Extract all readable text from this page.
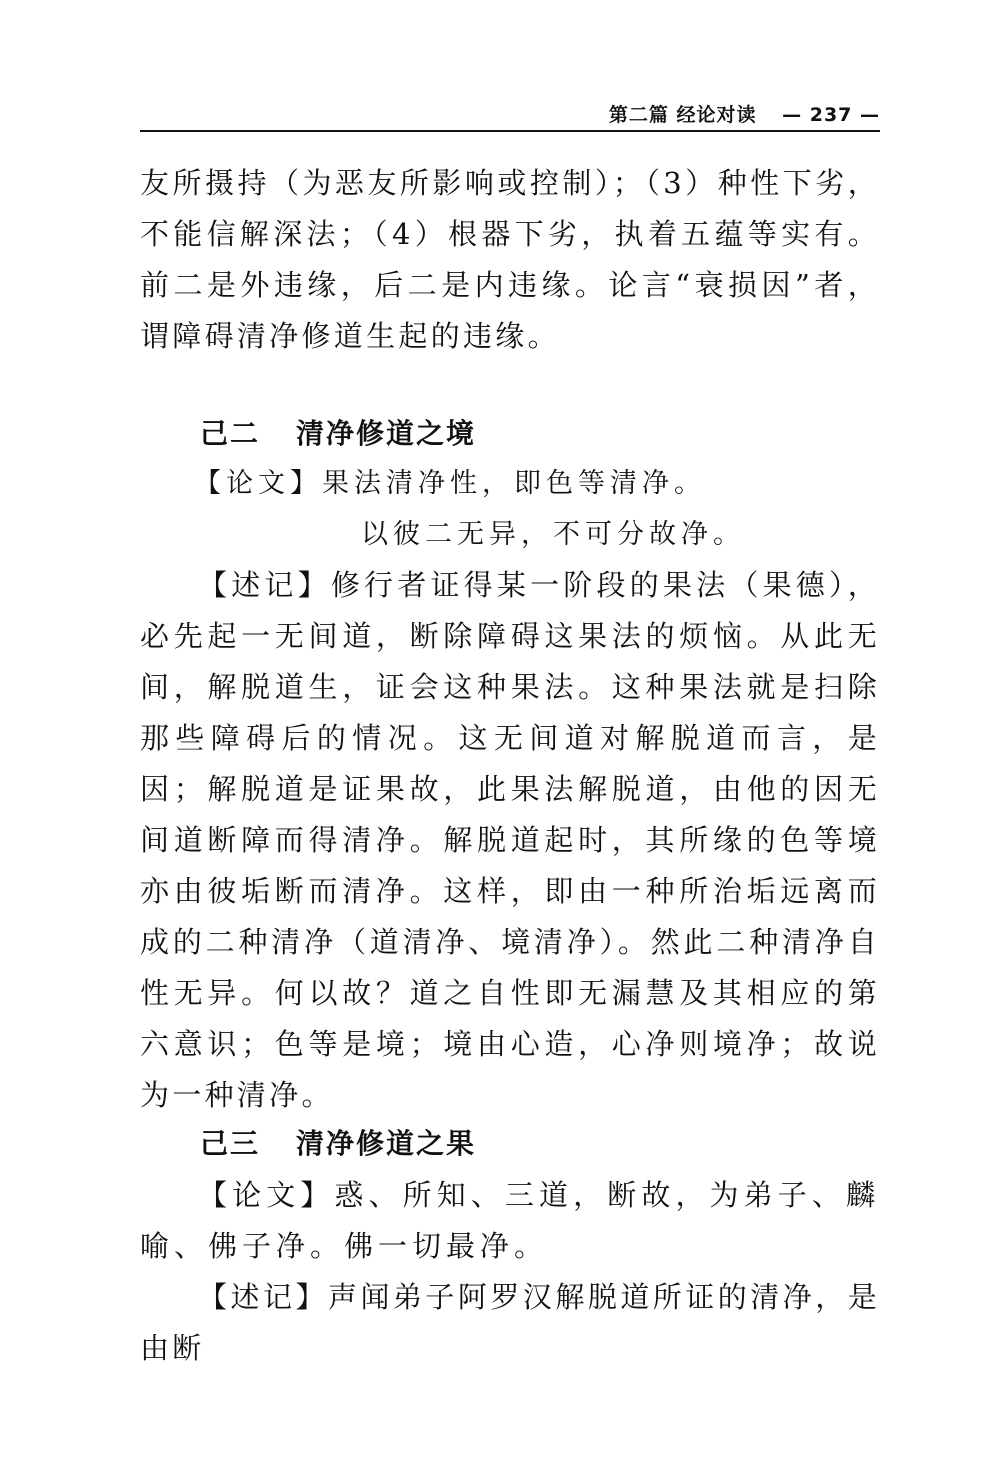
第二篇 经论对读 — 237 —

友所摄持（为恶友所影响或控制）；（3）种性下劣，不能信解深法；（4）根器下劣，执着五蕴等实有。前二是外违缘，后二是内违缘。论言“衰损因”者，谓障碍清净修道生起的违缘。

己二 清净修道之境
【论文】果法清净性，即色等清净。
以彼二无异，不可分故净。

【述记】修行者证得某一阶段的果法（果德），必先起一无间道，断除障碍这果法的烦恼。从此无间，解脱道生，证会这种果法。这种果法就是扫除那些障碍后的情况。这无间道对解脱道而言，是因；解脱道是证果故，此果法解脱道，由他的因无间道断障而得清净。解脱道起时，其所缘的色等境亦由彼垢断而清净。这样，即由一种所治垢远离而成的二种清净（道清净、境清净）。然此二种清净自性无异。何以故？道之自性即无漏慧及其相应的第六意识；色等是境；境由心造，心净则境净；故说为一种清净。

己三 清净修道之果

【论文】惑、所知、三道，断故，为弟子、麟喻、佛子净。佛一切最净。

【述记】声闻弟子阿罗汉解脱道所证的清净，是由断
